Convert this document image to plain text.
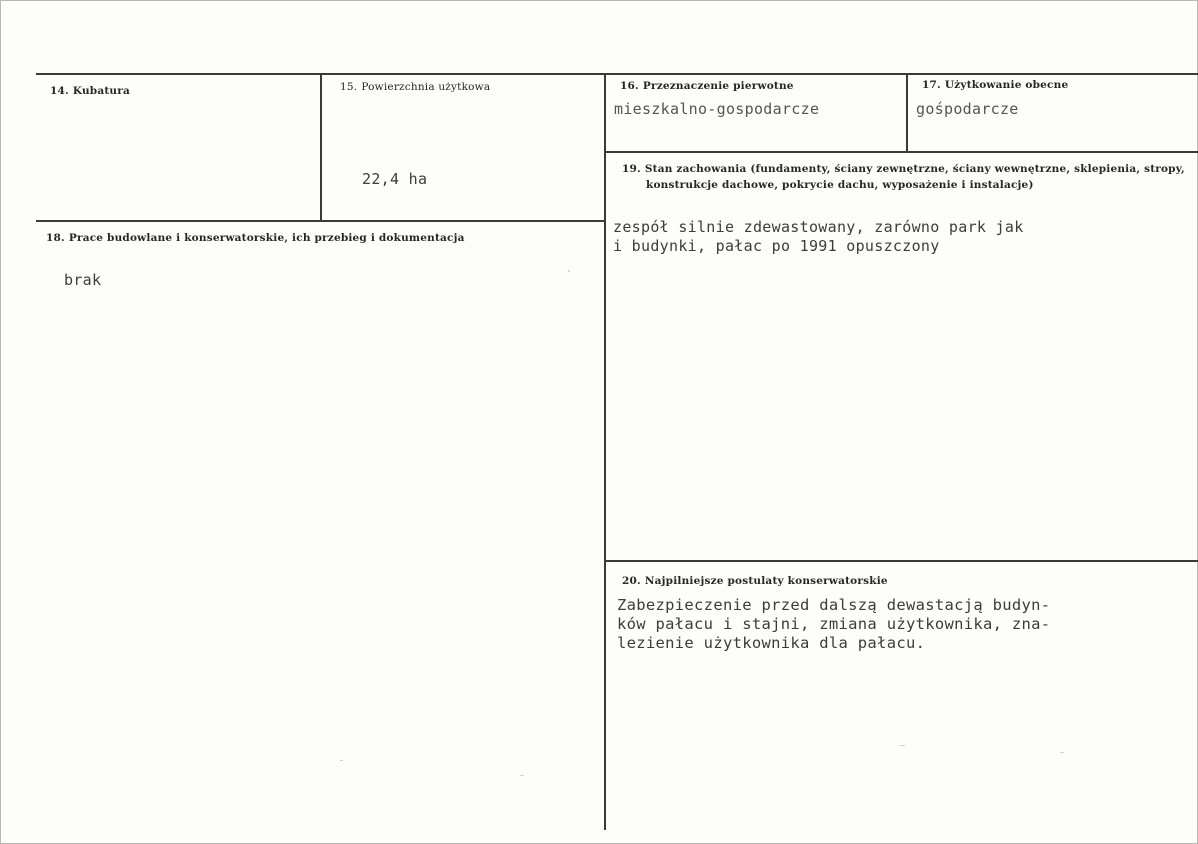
14. Kubatura	15. Powierzchnia użytkowa
22,4 ha
16. Przeznaczenie pierwotne
mieszkalno-gospodarcze
17. Użytkowanie obecne
gośpodarcze
18. Prace budowlane i konserwatorskie, ich przebieg i dokumentacja
brak
19. Stan zachowania (fundamenty, ściany zewnętrzne, ściany wewnętrzne, sklepienia, stropy,
konstrukcje dachowe, pokrycie dachu, wyposażenie i instalacje)
zespół silnie zdewastowany, zarówno park jak
i budynki, pałac po 1991 opuszczony
20. Najpilniejsze postulaty konserwatorskie
Zabezpieczenie przed dalszą dewastacją budyn-
ków pałacu i stajni, zmiana użytkownika, zna-
lezienie użytkownika dla pałacu.
